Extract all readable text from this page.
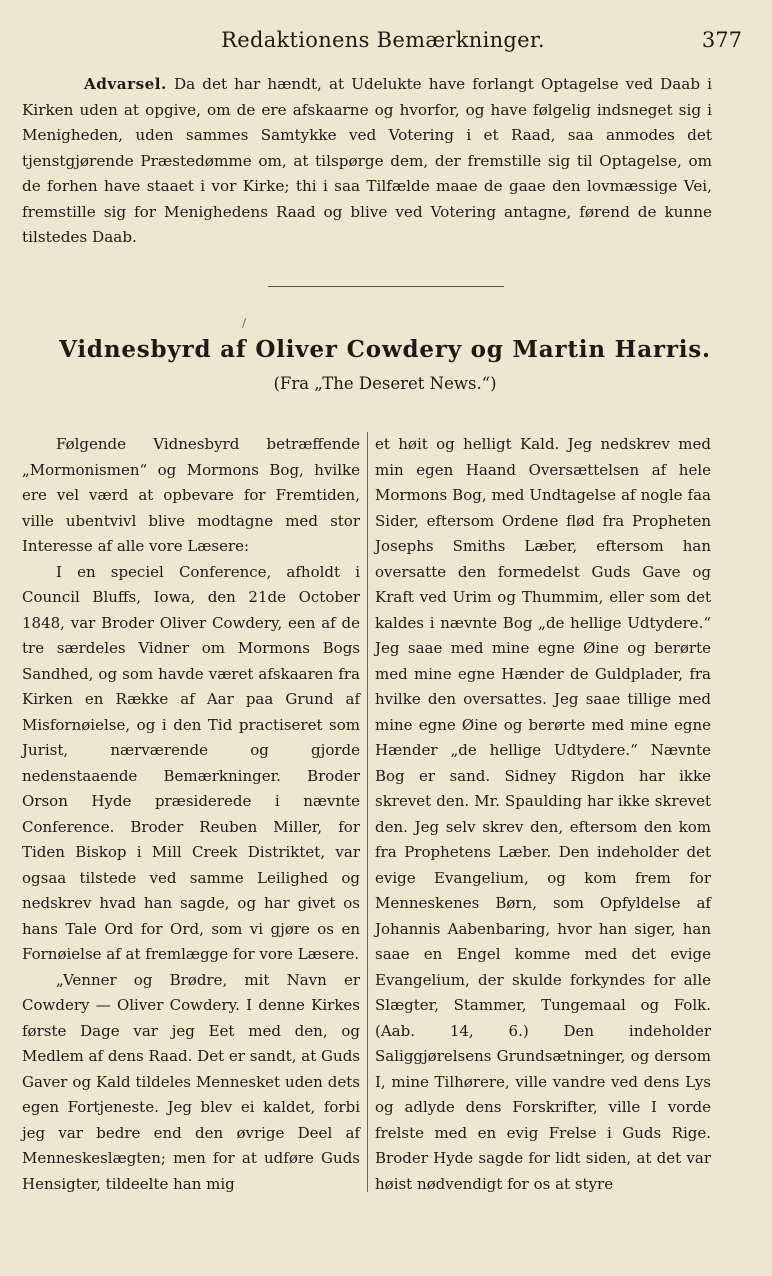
Redaktionens Bemærkninger.	377
Advarsel. Da det har hændt, at Udelukte have forlangt Optagelse ved Daab i Kirken uden at opgive, om de ere afskaarne og hvorfor, og have følgelig indsneget sig i Menigheden, uden sammes Samtykke ved Votering i et Raad, saa anmodes det tjenstgjørende Præstedømme om, at tilspørge dem, der fremstille sig til Optagelse, om de forhen have staaet i vor Kirke; thi i saa Tilfælde maae de gaae den lovmæssige Vei, fremstille sig for Menighedens Raad og blive ved Votering antagne, førend de kunne tilstedes Daab.
/
Vidnesbyrd af Oliver Cowdery og Martin Harris.
(Fra „The Deseret News.“)

Følgende Vidnesbyrd betræffende „Mormonismen“ og Mormons Bog, hvilke ere vel værd at opbevare for Fremtiden, ville ubentvivl blive modtagne med stor Interesse af alle vore Læsere:

I en speciel Conference, afholdt i Council Bluffs, Iowa, den 21de October 1848, var Broder Oliver Cowdery, een af de tre særdeles Vidner om Mormons Bogs Sandhed, og som havde været afskaaren fra Kirken en Række af Aar paa Grund af Misfornøielse, og i den Tid practiseret som Jurist, nærværende og gjorde nedenstaaende Bemærkninger. Broder Orson Hyde præsiderede i nævnte Conference. Broder Reuben Miller, for Tiden Biskop i Mill Creek Distriktet, var ogsaa tilstede ved samme Leilighed og nedskrev hvad han sagde, og har givet os hans Tale Ord for Ord, som vi gjøre os en Fornøielse af at fremlægge for vore Læsere.

„Venner og Brødre, mit Navn er Cowdery — Oliver Cowdery. I denne Kirkes første Dage var jeg Eet med den, og Medlem af dens Raad. Det er sandt, at Guds Gaver og Kald tildeles Mennesket uden dets egen Fortjeneste. Jeg blev ei kaldet, forbi jeg var bedre end den øvrige Deel af Menneskeslægten; men for at udføre Guds Hensigter, tildeelte han mig

et høit og helligt Kald. Jeg nedskrev med min egen Haand Oversættelsen af hele Mormons Bog, med Undtagelse af nogle faa Sider, eftersom Ordene flød fra Propheten Josephs Smiths Læber, eftersom han oversatte den formedelst Guds Gave og Kraft ved Urim og Thummim, eller som det kaldes i nævnte Bog „de hellige Udtydere.“ Jeg saae med mine egne Øine og berørte med mine egne Hænder de Guldplader, fra hvilke den oversattes. Jeg saae tillige med mine egne Øine og berørte med mine egne Hænder „de hellige Udtydere.“ Nævnte Bog er sand. Sidney Rigdon har ikke skrevet den. Mr. Spaulding har ikke skrevet den. Jeg selv skrev den, eftersom den kom fra Prophetens Læber. Den indeholder det evige Evangelium, og kom frem for Menneskenes Børn, som Opfyldelse af Johannis Aabenbaring, hvor han siger, han saae en Engel komme med det evige Evangelium, der skulde forkyndes for alle Slægter, Stammer, Tungemaal og Folk. (Aab. 14, 6.) Den indeholder Saliggjørelsens Grundsætninger, og dersom I, mine Tilhørere, ville vandre ved dens Lys og adlyde dens Forskrifter, ville I vorde frelste med en evig Frelse i Guds Rige. Broder Hyde sagde for lidt siden, at det var høist nødvendigt for os at styre
